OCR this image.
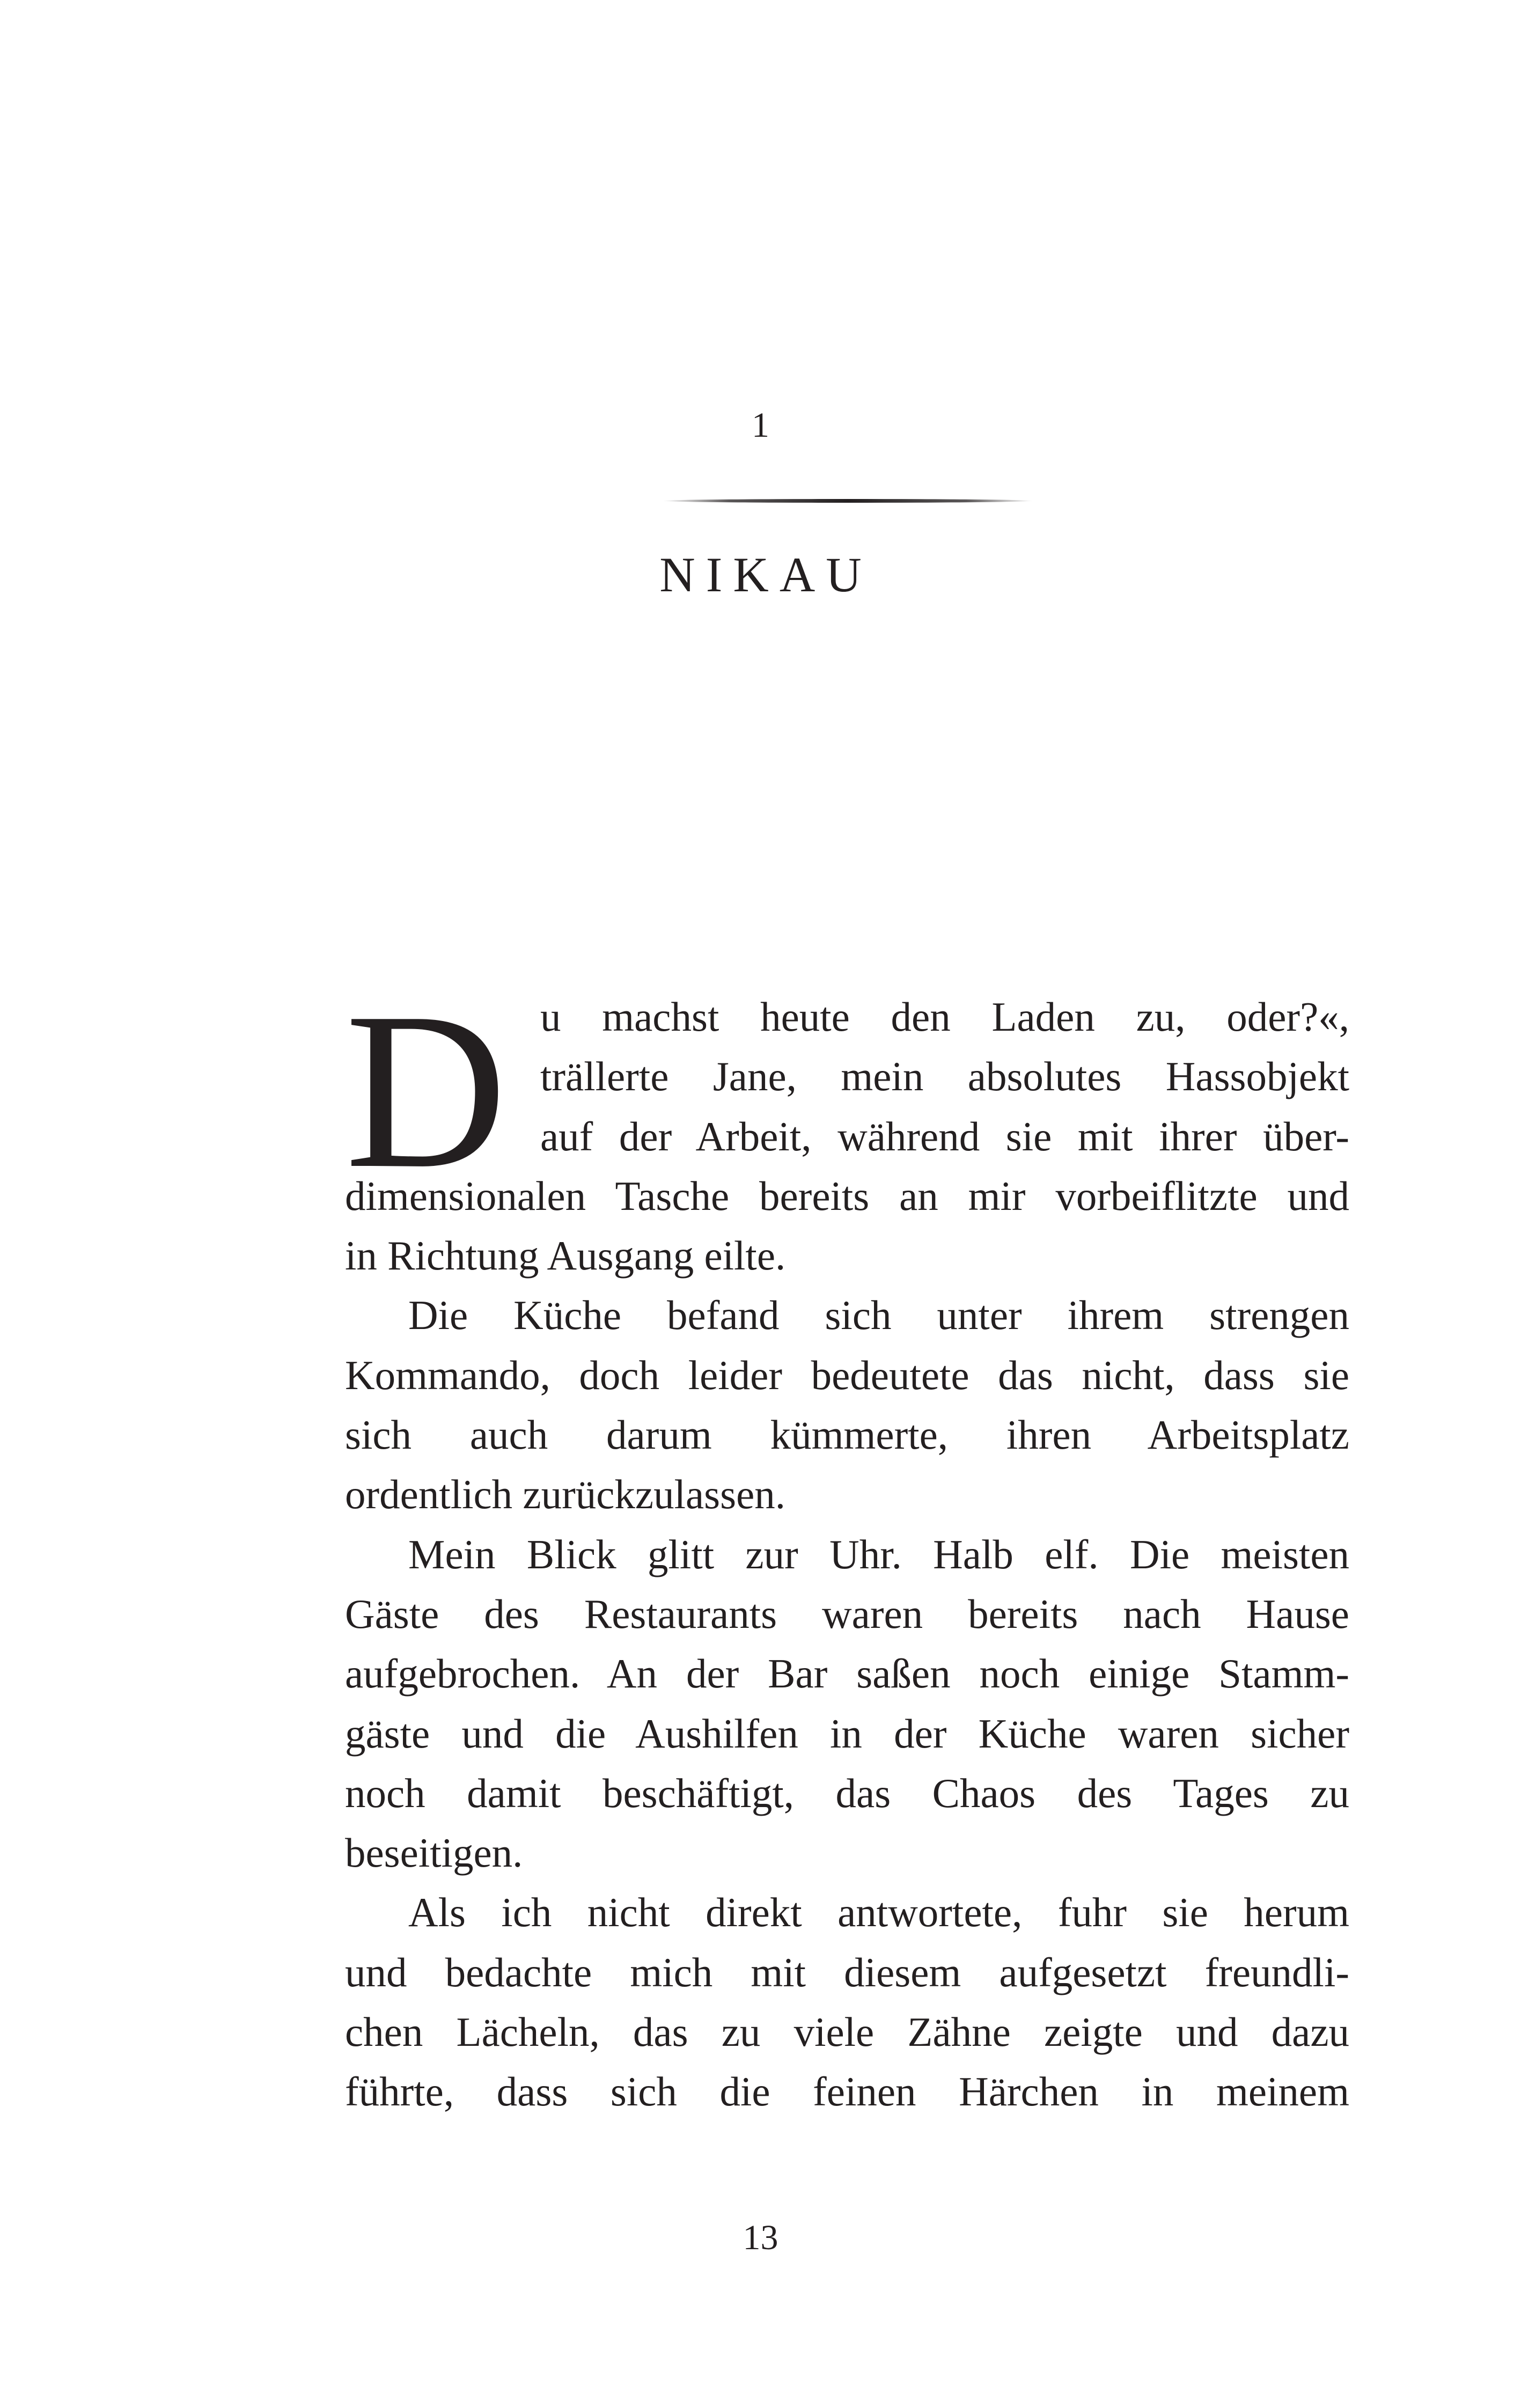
1
NIKAU
D u machst heute den Laden zu, oder?«,
trällerte Jane, mein absolutes Hassobjekt
auf der Arbeit, während sie mit ihrer über-
dimensionalen Tasche bereits an mir vorbeiflitzte und
in Richtung Ausgang eilte.
Die Küche befand sich unter ihrem strengen
Kommando, doch leider bedeutete das nicht, dass sie
sich auch darum kümmerte, ihren Arbeitsplatz
ordentlich zurückzulassen.
Mein Blick glitt zur Uhr. Halb elf. Die meisten
Gäste des Restaurants waren bereits nach Hause
aufgebrochen. An der Bar saßen noch einige Stamm-
gäste und die Aushilfen in der Küche waren sicher
noch damit beschäftigt, das Chaos des Tages zu
beseitigen.
Als ich nicht direkt antwortete, fuhr sie herum
und bedachte mich mit diesem aufgesetzt freundli-
chen Lächeln, das zu viele Zähne zeigte und dazu
führte, dass sich die feinen Härchen in meinem
13
